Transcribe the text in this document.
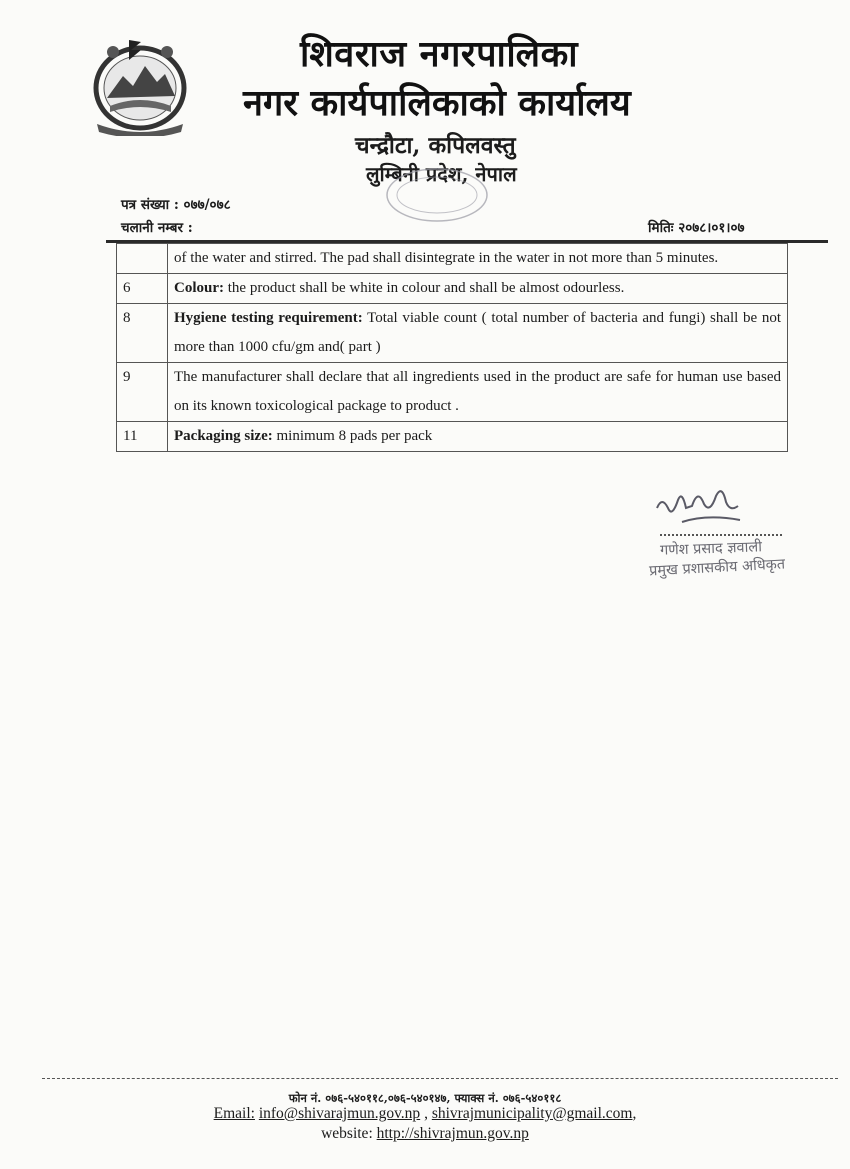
शिवराज नगरपालिका
नगर कार्यपालिकाको कार्यालय
चन्द्रौटा, कपिलवस्तु
लुम्बिनी प्रदेश, नेपाल
पत्र संख्या : ०७७/०७८
चलानी नम्बर :	मितिः २०७८।०१।०७
	of the water and stirred. The pad shall disintegrate in the water in not more than 5 minutes.
6	Colour: the product shall be white in colour and shall be almost odourless.
8	Hygiene testing requirement: Total viable count ( total number of bacteria and fungi) shall be not more than 1000 cfu/gm and( part )
9	The manufacturer shall declare that all ingredients used in the product are safe for human use based on its known toxicological package to product .
11	Packaging size: minimum 8 pads per pack
गणेश प्रसाद ज्ञवाली
प्रमुख प्रशासकीय अधिकृत
फोन नं. ०७६-५४०११८,०७६-५४०१४७, फ्याक्स नं. ०७६-५४०११८
Email: info@shivarajmun.gov.np , shivrajmunicipality@gmail.com,
website: http://shivrajmun.gov.np
